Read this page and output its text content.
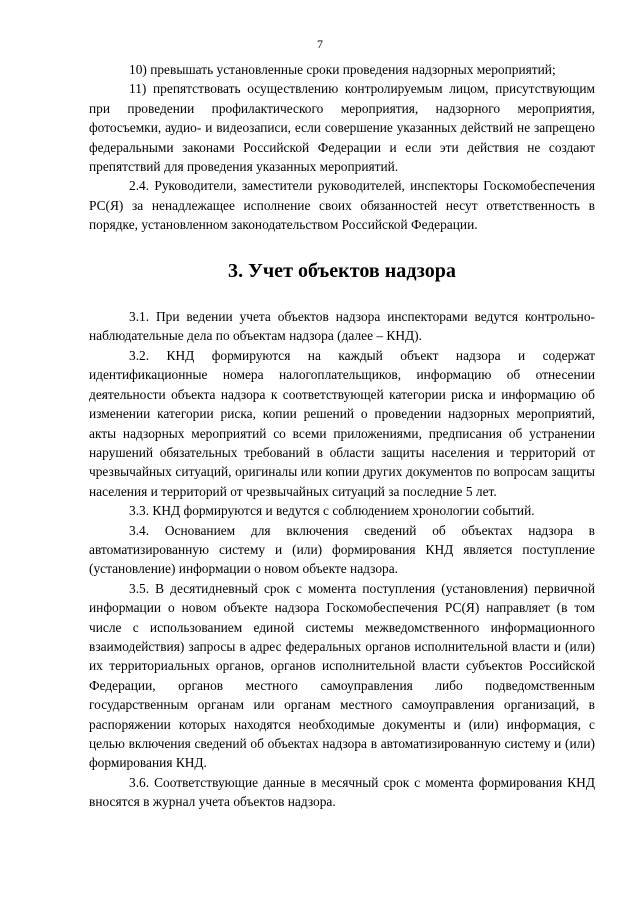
7

10) превышать установленные сроки проведения надзорных мероприятий;

11) препятствовать осуществлению контролируемым лицом, присутствующим при проведении профилактического мероприятия, надзорного мероприятия, фотосъемки, аудио- и видеозаписи, если совершение указанных действий не запрещено федеральными законами Российской Федерации и если эти действия не создают препятствий для проведения указанных мероприятий.

2.4. Руководители, заместители руководителей, инспекторы Госкомобеспечения РС(Я) за ненадлежащее исполнение своих обязанностей несут ответственность в порядке, установленном законодательством Российской Федерации.

3. Учет объектов надзора

3.1. При ведении учета объектов надзора инспекторами ведутся контрольно-наблюдательные дела по объектам надзора (далее – КНД).

3.2. КНД формируются на каждый объект надзора и содержат идентификационные номера налогоплательщиков, информацию об отнесении деятельности объекта надзора к соответствующей категории риска и информацию об изменении категории риска, копии решений о проведении надзорных мероприятий, акты надзорных мероприятий со всеми приложениями, предписания об устранении нарушений обязательных требований в области защиты населения и территорий от чрезвычайных ситуаций, оригиналы или копии других документов по вопросам защиты населения и территорий от чрезвычайных ситуаций за последние 5 лет.

3.3. КНД формируются и ведутся с соблюдением хронологии событий.

3.4. Основанием для включения сведений об объектах надзора в автоматизированную систему и (или) формирования КНД является поступление (установление) информации о новом объекте надзора.

3.5. В десятидневный срок с момента поступления (установления) первичной информации о новом объекте надзора Госкомобеспечения РС(Я) направляет (в том числе с использованием единой системы межведомственного информационного взаимодействия) запросы в адрес федеральных органов исполнительной власти и (или) их территориальных органов, органов исполнительной власти субъектов Российской Федерации, органов местного самоуправления либо подведомственным государственным органам или органам местного самоуправления организаций, в распоряжении которых находятся необходимые документы и (или) информация, с целью включения сведений об объектах надзора в автоматизированную систему и (или) формирования КНД.

3.6. Соответствующие данные в месячный срок с момента формирования КНД вносятся в журнал учета объектов надзора.
